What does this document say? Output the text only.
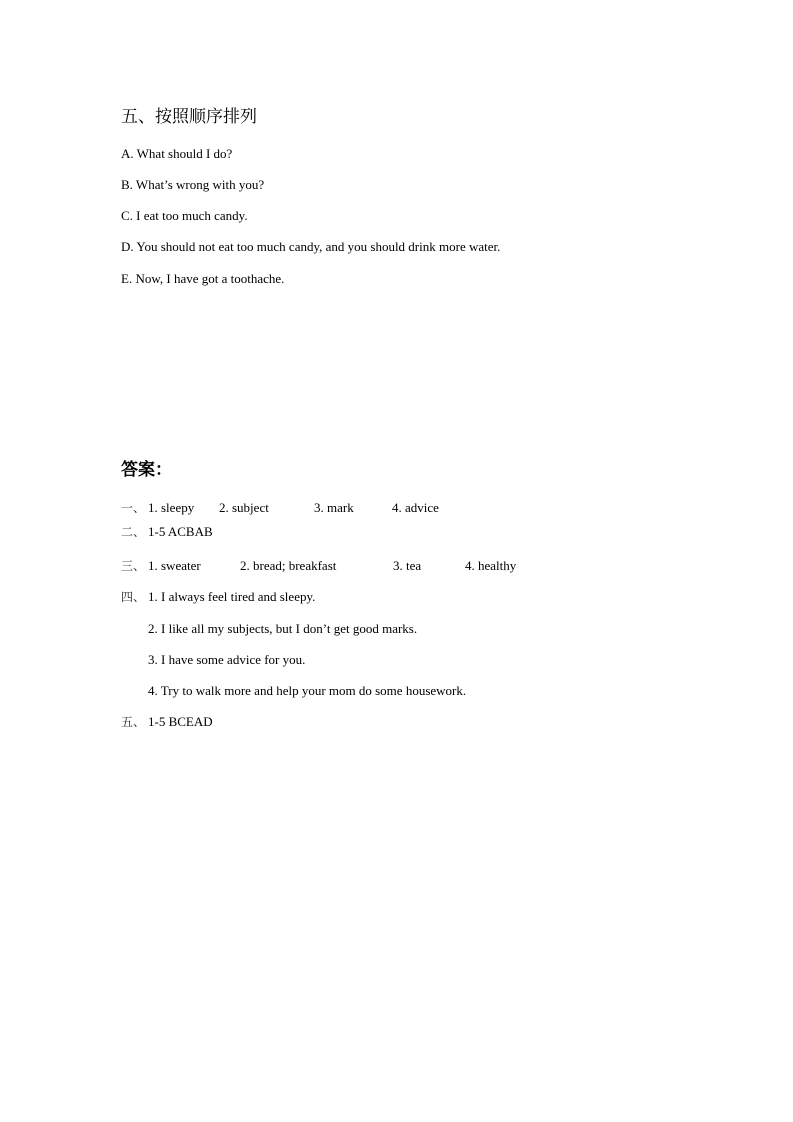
五、按照顺序排列
A. What should I do?
B. What’s wrong with you?
C. I eat too much candy.
D. You should not eat too much candy, and you should drink more water.
E. Now, I have got a toothache.
答案：
一、 1. sleepy 2. subject	3. mark	4. advice
二、 1-5 ACBAB
三、 1. sweater	2. bread; breakfast	3. tea	4. healthy
四、 1. I always feel tired and sleepy.
2. I like all my subjects, but I don’t get good marks.
3. I have some advice for you.
4. Try to walk more and help your mom do some housework.
五、 1-5 BCEAD
